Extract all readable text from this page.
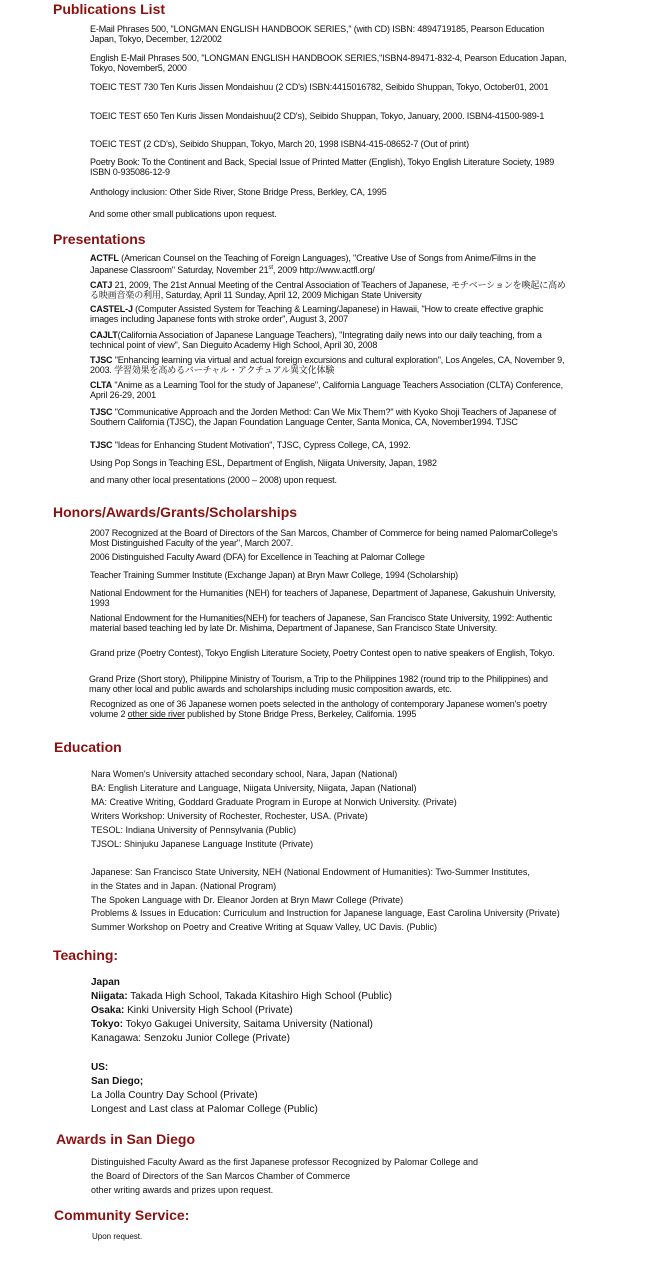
Publications List

E-Mail Phrases 500, "LONGMAN ENGLISH HANDBOOK SERIES," (with CD) ISBN: 4894719185, Pearson Education Japan, Tokyo, December, 12/2002

English E-Mail Phrases 500, "LONGMAN ENGLISH HANDBOOK SERIES,"ISBN4-89471-832-4, Pearson Education Japan, Tokyo, November5, 2000

TOEIC TEST 730 Ten Kuris Jissen Mondaishuu (2 CD's) ISBN:4415016782, Seibido Shuppan, Tokyo, October01, 2001

TOEIC TEST 650 Ten Kuris Jissen Mondaishuu(2 CD's), Seibido Shuppan, Tokyo, January, 2000. ISBN4-41500-989-1

TOEIC TEST (2 CD's), Seibido Shuppan, Tokyo, March 20, 1998 ISBN4-415-08652-7 (Out of print)

Poetry Book: To the Continent and Back, Special Issue of Printed Matter (English), Tokyo English Literature Society, 1989 ISBN 0-935086-12-9

Anthology inclusion: Other Side River, Stone Bridge Press, Berkley, CA, 1995

And some other small publications upon request.

Presentations

ACTFL (American Counsel on the Teaching of Foreign Languages), "Creative Use of Songs from Anime/Films in the Japanese Classroom" Saturday, November 21st, 2009 http://www.actfl.org/

CATJ 21, 2009, The 21st Annual Meeting of the Central Association of Teachers of Japanese, モチベーションを喚起に高める映画音楽の利用, Saturday, April 11 Sunday, April 12, 2009 Michigan State University

CASTEL-J (Computer Assisted System for Teaching & Learning/Japanese) in Hawaii, "How to create effective graphic images including Japanese fonts with stroke order", August 3, 2007

CAJLT(California Association of Japanese Language Teachers), "Integrating daily news into our daily teaching, from a technical point of view", San Dieguito Academy High School, April 30, 2008

TJSC "Enhancing learning via virtual and actual foreign excursions and cultural exploration", Los Angeles, CA, November 9, 2003. 学習効果を高めるバーチャル・アクチュアル異文化体験

CLTA "Anime as a Learning Tool for the study of Japanese", California Language Teachers Association (CLTA) Conference, April 26-29, 2001

TJSC "Communicative Approach and the Jorden Method: Can We Mix Them?" with Kyoko Shoji Teachers of Japanese of Southern California (TJSC), the Japan Foundation Language Center, Santa Monica, CA, November1994. TJSC

TJSC "Ideas for Enhancing Student Motivation", TJSC, Cypress College, CA, 1992.

Using Pop Songs in Teaching ESL, Department of English, Niigata University, Japan, 1982

and many other local presentations (2000 – 2008) upon request.

Honors/Awards/Grants/Scholarships

2007 Recognized at the Board of Directors of the San Marcos, Chamber of Commerce for being named PalomarCollege's Most Distinguished Faculty of the year", March 2007.

2006 Distinguished Faculty Award (DFA) for Excellence in Teaching at Palomar College

Teacher Training Summer Institute (Exchange Japan) at Bryn Mawr College, 1994 (Scholarship)

National Endowment for the Humanities (NEH) for teachers of Japanese, Department of Japanese, Gakushuin University, 1993

National Endowment for the Humanities(NEH) for teachers of Japanese, San Francisco State University, 1992: Authentic material based teaching led by late Dr. Mishima, Department of Japanese, San Francisco State University.

Grand prize (Poetry Contest), Tokyo English Literature Society, Poetry Contest open to native speakers of English, Tokyo.

Grand Prize (Short story), Philippine Ministry of Tourism, a Trip to the Philippines 1982 (round trip to the Philippines) and many other local and public awards and scholarships including music composition awards, etc.

Recognized as one of 36 Japanese women poets selected in the anthology of contemporary Japanese women's poetry volume 2 other side river published by Stone Bridge Press, Berkeley, California. 1995

Education

Nara Women's University attached secondary school, Nara, Japan (National)

BA: English Literature and Language, Niigata University, Niigata, Japan (National)

MA: Creative Writing, Goddard Graduate Program in Europe at Norwich University. (Private)

Writers Workshop: University of Rochester, Rochester, USA. (Private)

TESOL: Indiana University of Pennsylvania (Public)

TJSOL: Shinjuku Japanese Language Institute (Private)

Japanese: San Francisco State University, NEH (National Endowment of Humanities): Two-Summer Institutes,

in the States and in Japan. (National Program)

The Spoken Language with Dr. Eleanor Jorden at Bryn Mawr College (Private)

Problems & Issues in Education: Curriculum and Instruction for Japanese language, East Carolina University (Private)

Summer Workshop on Poetry and Creative Writing at Squaw Valley, UC Davis. (Public)

Teaching:

Japan

Niigata: Takada High School, Takada Kitashiro High School (Public)

Osaka: Kinki University High School (Private)

Tokyo: Tokyo Gakugei University, Saitama University (National)

Kanagawa: Senzoku Junior College (Private)

US:

San Diego;

La Jolla Country Day School (Private)

Longest and Last class at Palomar College (Public)

Awards in San Diego

Distinguished Faculty Award as the first Japanese professor Recognized by Palomar College and

the Board of Directors of the San Marcos Chamber of Commerce

other writing awards and prizes upon request.

Community Service:

Upon request.
